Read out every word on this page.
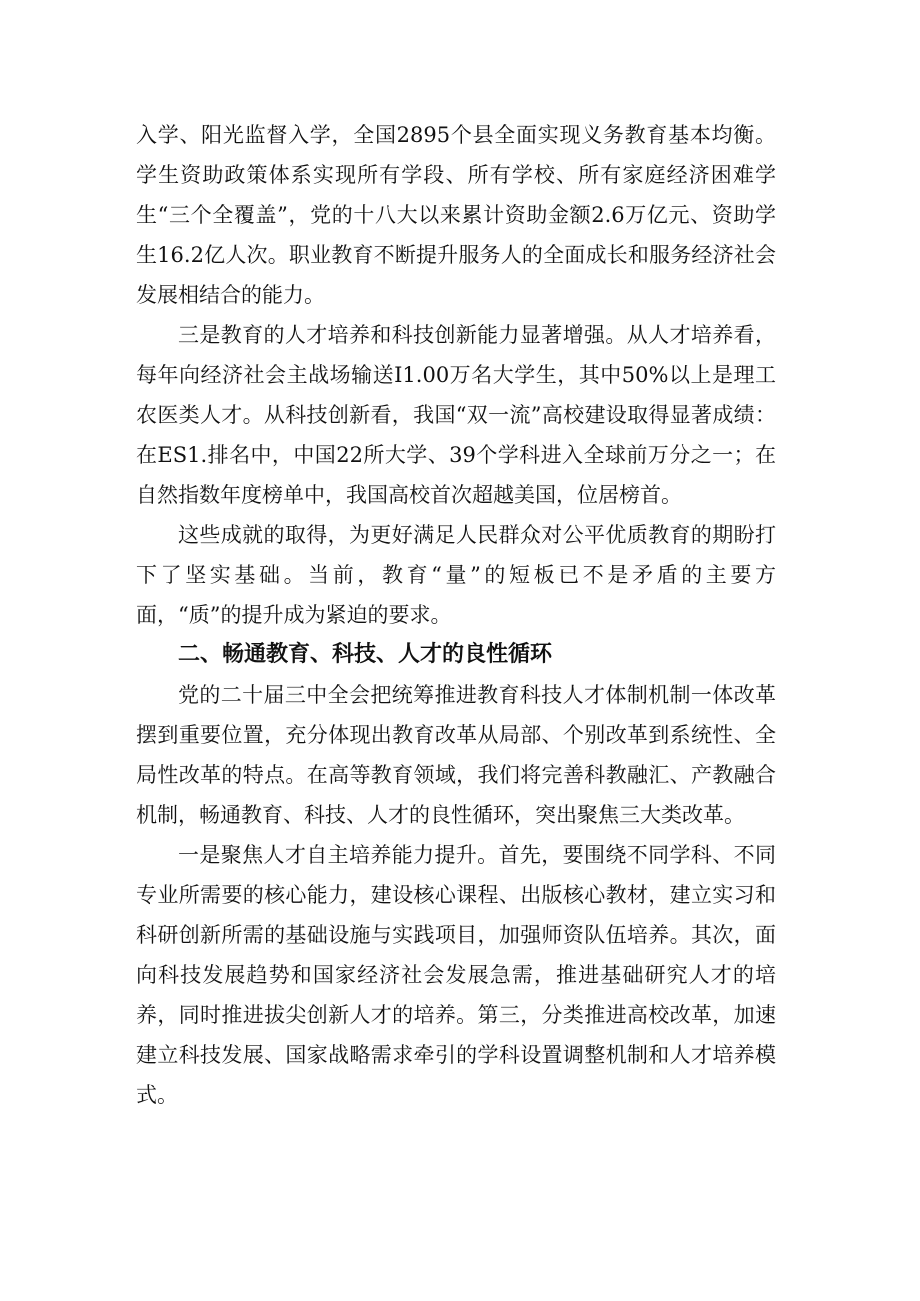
入学、阳光监督入学，全国2895个县全面实现义务教育基本均衡。学生资助政策体系实现所有学段、所有学校、所有家庭经济困难学生“三个全覆盖”，党的十八大以来累计资助金额2.6万亿元、资助学生16.2亿人次。职业教育不断提升服务人的全面成长和服务经济社会发展相结合的能力。

三是教育的人才培养和科技创新能力显著增强。从人才培养看，每年向经济社会主战场输送I1.00万名大学生，其中50%以上是理工农医类人才。从科技创新看，我国“双一流”高校建设取得显著成绩：在ES1.排名中，中国22所大学、39个学科进入全球前万分之一；在自然指数年度榜单中，我国高校首次超越美国，位居榜首。

这些成就的取得，为更好满足人民群众对公平优质教育的期盼打下了坚实基础。当前，教育“量”的短板已不是矛盾的主要方面，“质”的提升成为紧迫的要求。

二、畅通教育、科技、人才的良性循环

党的二十届三中全会把统筹推进教育科技人才体制机制一体改革摆到重要位置，充分体现出教育改革从局部、个别改革到系统性、全局性改革的特点。在高等教育领域，我们将完善科教融汇、产教融合机制，畅通教育、科技、人才的良性循环，突出聚焦三大类改革。

一是聚焦人才自主培养能力提升。首先，要围绕不同学科、不同专业所需要的核心能力，建设核心课程、出版核心教材，建立实习和科研创新所需的基础设施与实践项目，加强师资队伍培养。其次，面向科技发展趋势和国家经济社会发展急需，推进基础研究人才的培养，同时推进拔尖创新人才的培养。第三，分类推进高校改革，加速建立科技发展、国家战略需求牵引的学科设置调整机制和人才培养模式。
